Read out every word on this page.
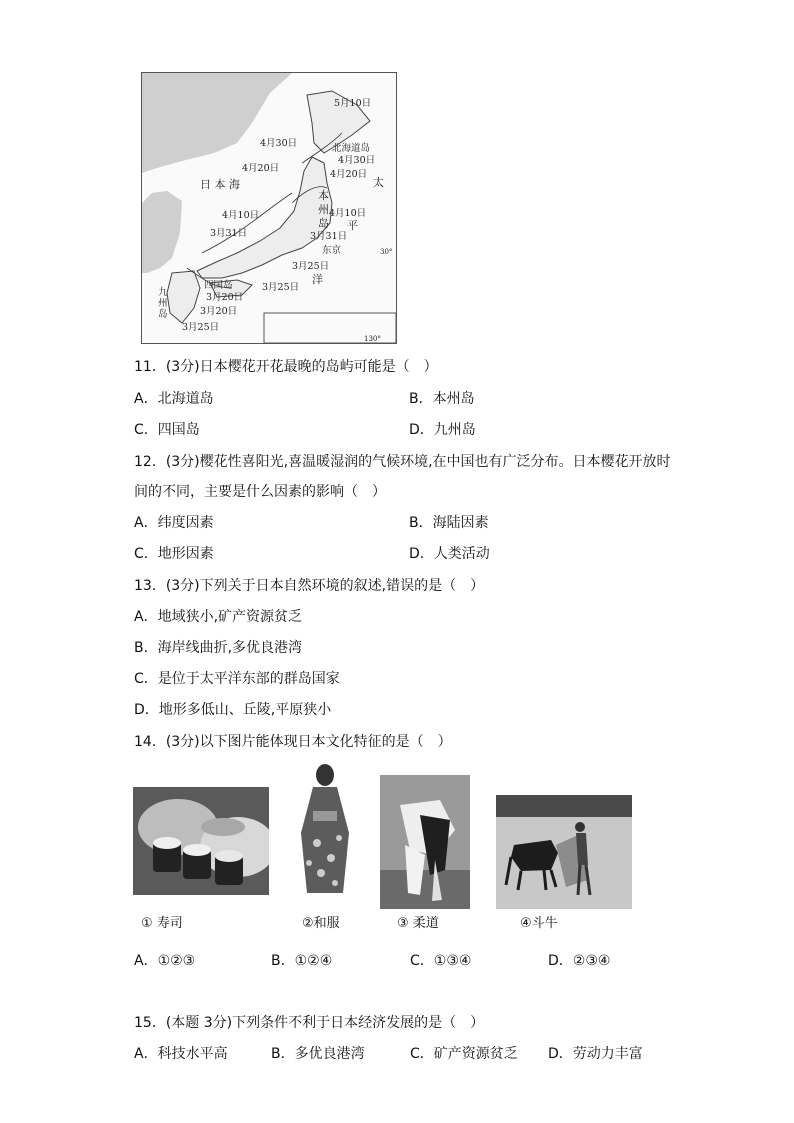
5月10日
北海道岛
4月30日
4月30日
4月20日
4月20日
日 本 海	太
本
州
岛 平
4月10日	4月10日
3月31日	3月31日
东京
3月25日
洋
四国岛	3月25日
3月20日
3月20日
九
州
岛
3月25日
30°
130°
11．(3分)日本樱花开花最晚的岛屿可能是（　）
A．北海道岛	B．本州岛
C．四国岛	D．九州岛
12．(3分)樱花性喜阳光,喜温暖湿润的气候环境,在中国也有广泛分布。日本樱花开放时
间的不同，主要是什么因素的影响（　）
A．纬度因素	B．海陆因素
C．地形因素	D．人类活动
13．(3分)下列关于日本自然环境的叙述,错误的是（　）
A．地域狭小,矿产资源贫乏
B．海岸线曲折,多优良港湾
C．是位于太平洋东部的群岛国家
D．地形多低山、丘陵,平原狭小
14．(3分)以下图片能体现日本文化特征的是（　）
① 寿司	②和服	③ 柔道	④斗牛
A．①②③	B．①②④	C．①③④	D．②③④
15．(本题 3分)下列条件不利于日本经济发展的是（　）
A．科技水平高	B．多优良港湾	C．矿产资源贫乏 D．劳动力丰富
